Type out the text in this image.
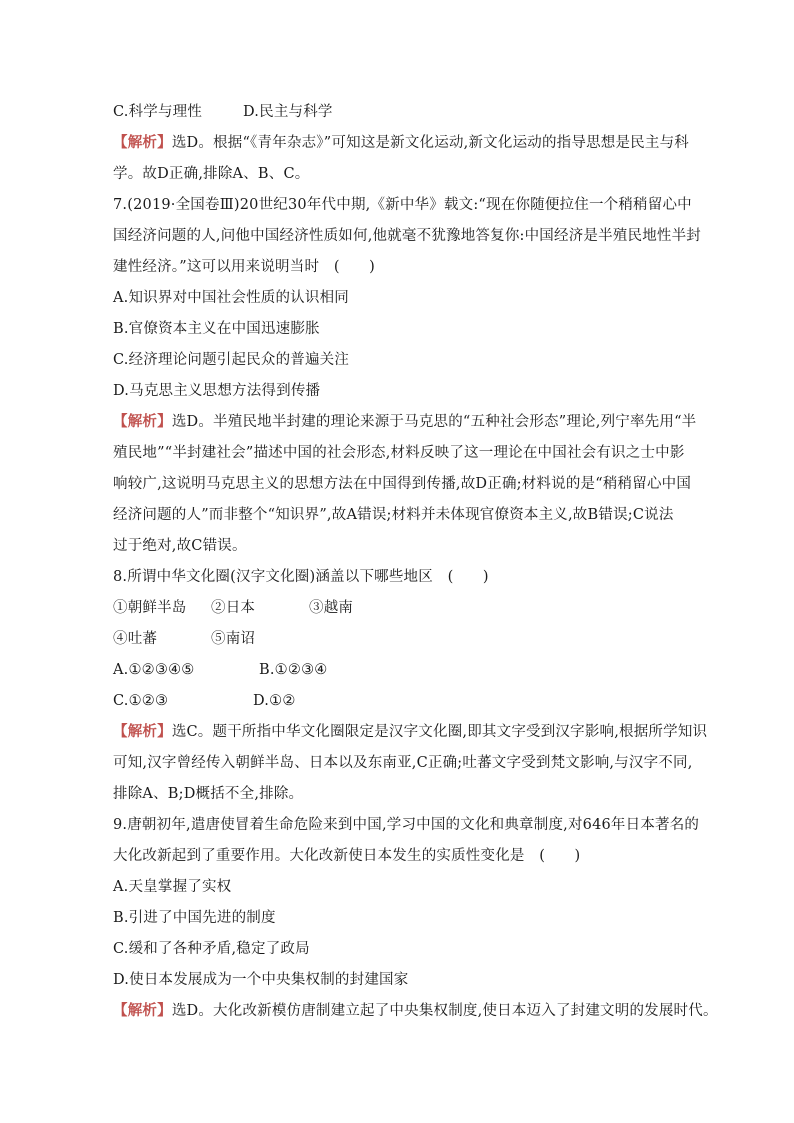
C.科学与理性	D.民主与科学
【解析】选D。根据“《青年杂志》”可知这是新文化运动,新文化运动的指导思想是民主与科
学。故D正确,排除A、B、C。
7.(2019·全国卷Ⅲ)20世纪30年代中期,《新中华》载文:“现在你随便拉住一个稍稍留心中
国经济问题的人,问他中国经济性质如何,他就毫不犹豫地答复你:中国经济是半殖民地性半封
建性经济。”这可以用来说明当时　(　　)
A.知识界对中国社会性质的认识相同
B.官僚资本主义在中国迅速膨胀
C.经济理论问题引起民众的普遍关注
D.马克思主义思想方法得到传播
【解析】选D。半殖民地半封建的理论来源于马克思的“五种社会形态”理论,列宁率先用“半
殖民地”“半封建社会”描述中国的社会形态,材料反映了这一理论在中国社会有识之士中影
响较广,这说明马克思主义的思想方法在中国得到传播,故D正确;材料说的是“稍稍留心中国
经济问题的人”而非整个“知识界”,故A错误;材料并未体现官僚资本主义,故B错误;C说法
过于绝对,故C错误。
8.所谓中华文化圈(汉字文化圈)涵盖以下哪些地区　(　　)
①朝鲜半岛 ②日本	③越南
④吐蕃	⑤南诏
A.①②③④⑤	B.①②③④
C.①②③	D.①②
【解析】选C。题干所指中华文化圈限定是汉字文化圈,即其文字受到汉字影响,根据所学知识
可知,汉字曾经传入朝鲜半岛、日本以及东南亚,C正确;吐蕃文字受到梵文影响,与汉字不同,
排除A、B;D概括不全,排除。
9.唐朝初年,遣唐使冒着生命危险来到中国,学习中国的文化和典章制度,对646年日本著名的
大化改新起到了重要作用。大化改新使日本发生的实质性变化是　(　　)
A.天皇掌握了实权
B.引进了中国先进的制度
C.缓和了各种矛盾,稳定了政局
D.使日本发展成为一个中央集权制的封建国家
【解析】选D。大化改新模仿唐制建立起了中央集权制度,使日本迈入了封建文明的发展时代。
